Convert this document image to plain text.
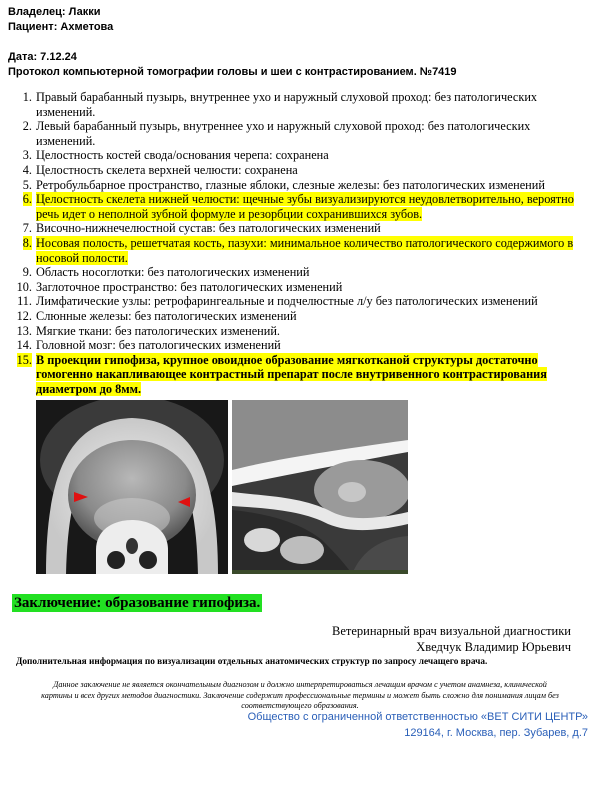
Владелец: Лакки
Пациент: Ахметова
Дата: 7.12.24
Протокол компьютерной томографии головы и шеи с контрастированием. №7419
1. Правый барабанный пузырь, внутреннее ухо и наружный слуховой проход: без патологических изменений.
2. Левый барабанный пузырь, внутреннее ухо и наружный слуховой проход: без патологических изменений.
3. Целостность костей свода/основания черепа: сохранена
4. Целостность скелета верхней челюсти: сохранена
5. Ретробульбарное пространство, глазные яблоки, слезные железы: без патологических изменений
6. Целостность скелета нижней челюсти: щечные зубы визуализируются неудовлетворительно, вероятно речь идет о неполной зубной формуле и резорбции сохранившихся зубов.
7. Височно-нижнечелюстной сустав: без патологических изменений
8. Носовая полость, решетчатая кость, пазухи: минимальное количество патологического содержимого в носовой полости.
9. Область носоглотки: без патологических изменений
10. Заглоточное пространство: без патологических изменений
11. Лимфатические узлы: ретрофарингеальные и подчелюстные л/у без патологических изменений
12. Слюнные железы: без патологических изменений
13. Мягкие ткани: без патологических изменений.
14. Головной мозг: без патологических изменений
15. В проекции гипофиза, крупное овоидное образование мягкотканой структуры достаточно гомогенно накапливающее контрастный препарат после внутривенного контрастирования диаметром до 8мм.
Заключение: образование гипофиза.
Ветеринарный врач визуальной диагностики
Хведчук Владимир Юрьевич
Дополнительная информация по визуализации отдельных анатомических структур по запросу лечащего врача.
Данное заключение не является окончательным диагнозом и должно интерпретироваться лечащим врачом с учетом анамнеза, клинической картины и всех других методов диагностики. Заключение содержит профессиональные термины и может быть сложно для понимания лицам без соответствующего образования.
Общество с ограниченной ответственностью «ВЕТ СИТИ ЦЕНТР»
129164, г. Москва, пер. Зубарев, д.7
